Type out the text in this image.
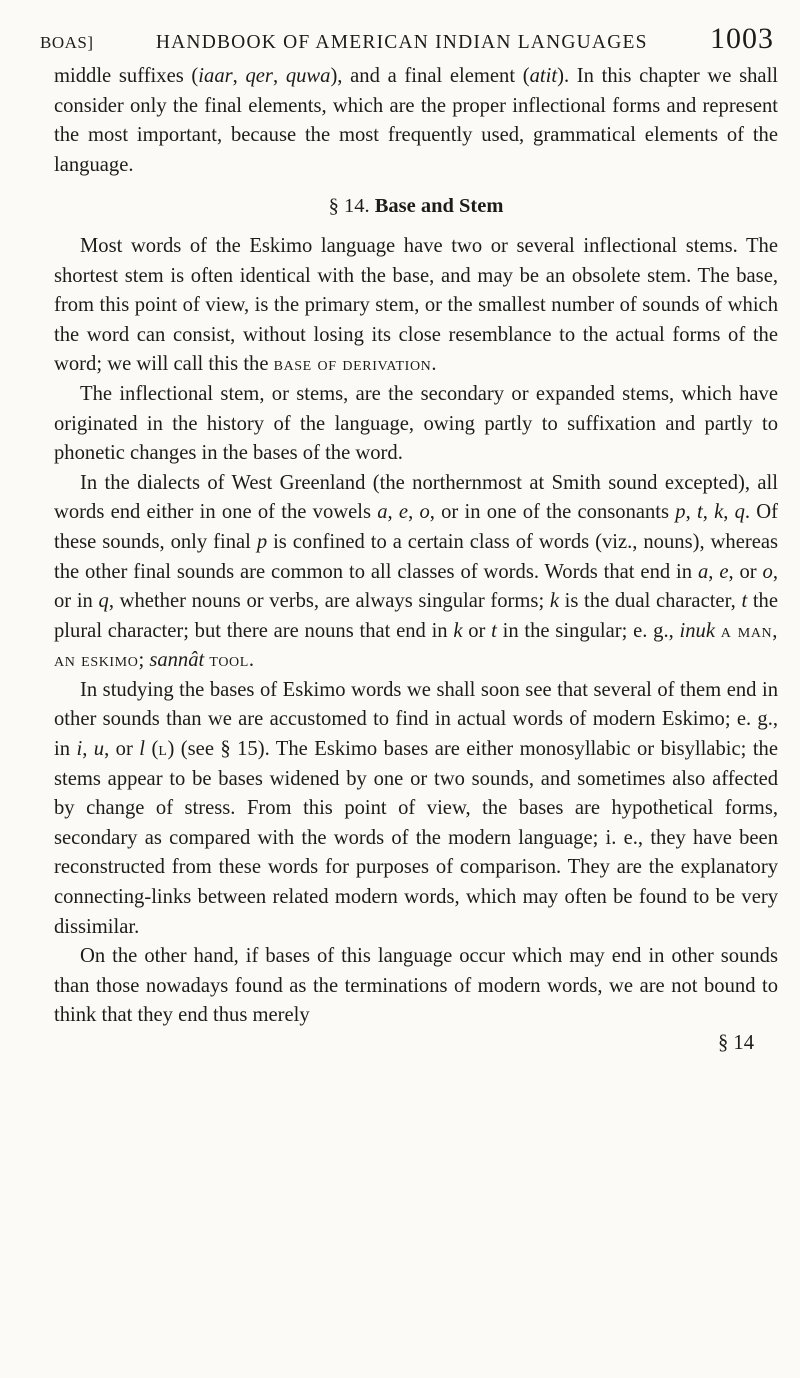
BOAS]	HANDBOOK OF AMERICAN INDIAN LANGUAGES 1003

middle suffixes (iaar, qer, quwa), and a final element (atit). In this chapter we shall consider only the final elements, which are the proper inflectional forms and represent the most important, because the most frequently used, grammatical elements of the language.

§ 14. Base and Stem

Most words of the Eskimo language have two or several inflectional stems. The shortest stem is often identical with the base, and may be an obsolete stem. The base, from this point of view, is the primary stem, or the smallest number of sounds of which the word can consist, without losing its close resemblance to the actual forms of the word; we will call this the base of derivation.

The inflectional stem, or stems, are the secondary or expanded stems, which have originated in the history of the language, owing partly to suffixation and partly to phonetic changes in the bases of the word.

In the dialects of West Greenland (the northernmost at Smith sound excepted), all words end either in one of the vowels a, e, o, or in one of the consonants p, t, k, q. Of these sounds, only final p is confined to a certain class of words (viz., nouns), whereas the other final sounds are common to all classes of words. Words that end in a, e, or o, or in q, whether nouns or verbs, are always singular forms; k is the dual character, t the plural character; but there are nouns that end in k or t in the singular; e. g., inuk a man, an eskimo; sannât tool.

In studying the bases of Eskimo words we shall soon see that several of them end in other sounds than we are accustomed to find in actual words of modern Eskimo; e. g., in i, u, or l (l) (see § 15). The Eskimo bases are either monosyllabic or bisyllabic; the stems appear to be bases widened by one or two sounds, and sometimes also affected by change of stress. From this point of view, the bases are hypothetical forms, secondary as compared with the words of the modern language; i. e., they have been reconstructed from these words for purposes of comparison. They are the explanatory connecting-links between related modern words, which may often be found to be very dissimilar.

On the other hand, if bases of this language occur which may end in other sounds than those nowadays found as the terminations of modern words, we are not bound to think that they end thus merely

§ 14
